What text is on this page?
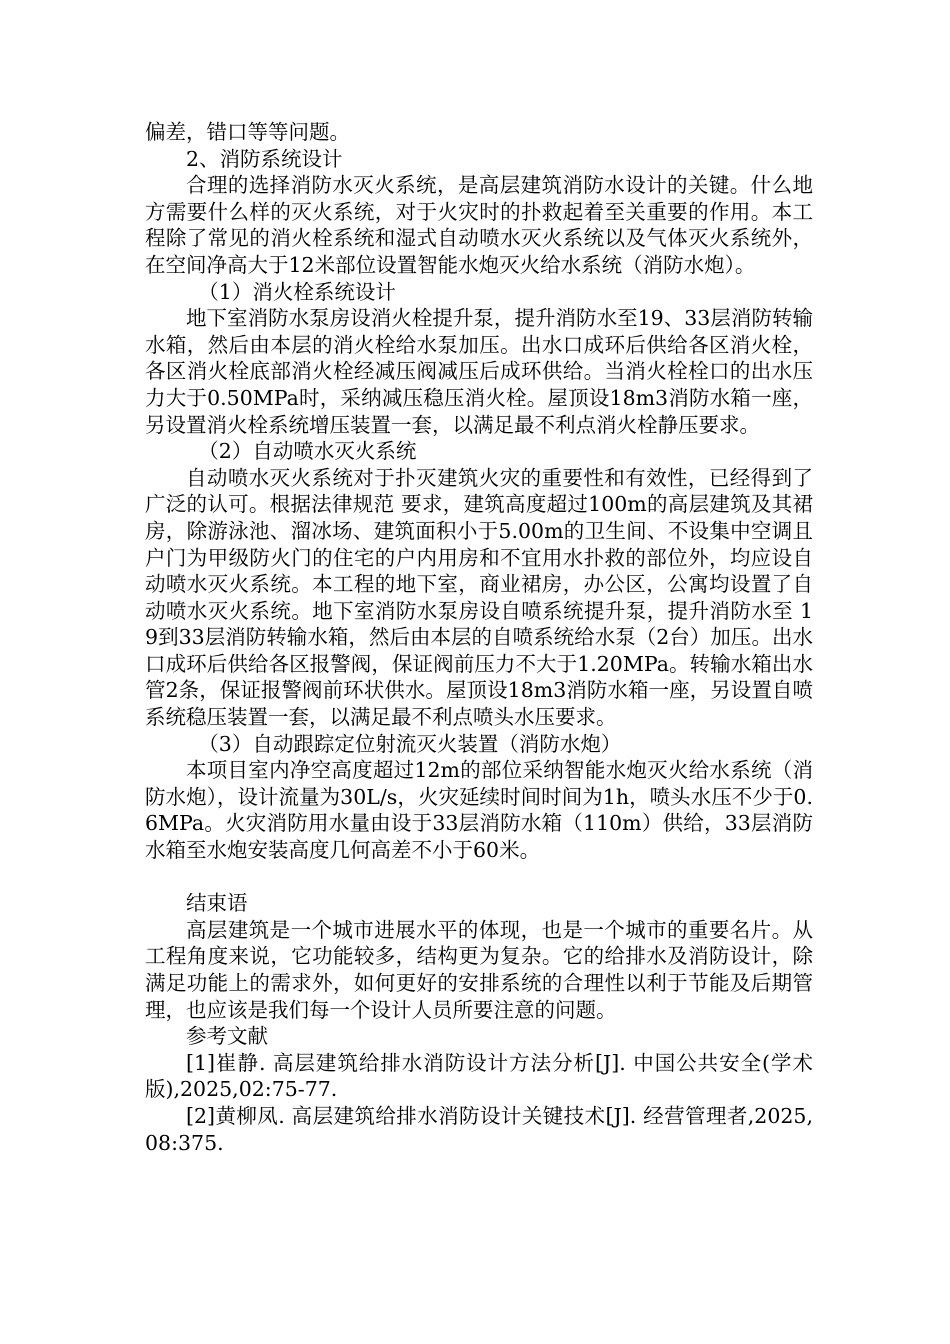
偏差，错口等等问题。

2、消防系统设计

合理的选择消防水灭火系统，是高层建筑消防水设计的关键。什么地方需要什么样的灭火系统，对于火灾时的扑救起着至关重要的作用。本工程除了常见的消火栓系统和湿式自动喷水灭火系统以及气体灭火系统外，在空间净高大于12米部位设置智能水炮灭火给水系统（消防水炮）。

（1）消火栓系统设计

地下室消防水泵房设消火栓提升泵，提升消防水至19、33层消防转输水箱，然后由本层的消火栓给水泵加压。出水口成环后供给各区消火栓，各区消火栓底部消火栓经减压阀减压后成环供给。当消火栓栓口的出水压力大于0.50MPa时，采纳减压稳压消火栓。屋顶设18m3消防水箱一座，另设置消火栓系统增压装置一套，以满足最不利点消火栓静压要求。

（2）自动喷水灭火系统

自动喷水灭火系统对于扑灭建筑火灾的重要性和有效性，已经得到了广泛的认可。根据法律规范 要求，建筑高度超过100m的高层建筑及其裙房，除游泳池、溜冰场、建筑面积小于5.00m的卫生间、不设集中空调且户门为甲级防火门的住宅的户内用房和不宜用水扑救的部位外，均应设自动喷水灭火系统。本工程的地下室，商业裙房，办公区，公寓均设置了自动喷水灭火系统。地下室消防水泵房设自喷系统提升泵，提升消防水至 19到33层消防转输水箱，然后由本层的自喷系统给水泵（2台）加压。出水口成环后供给各区报警阀，保证阀前压力不大于1.20MPa。转输水箱出水管2条，保证报警阀前环状供水。屋顶设18m3消防水箱一座，另设置自喷系统稳压装置一套，以满足最不利点喷头水压要求。

（3）自动跟踪定位射流灭火装置（消防水炮）

本项目室内净空高度超过12m的部位采纳智能水炮灭火给水系统（消防水炮），设计流量为30L/s，火灾延续时间时间为1h，喷头水压不少于0.6MPa。火灾消防用水量由设于33层消防水箱（110m）供给，33层消防水箱至水炮安装高度几何高差不小于60米。

结束语

高层建筑是一个城市进展水平的体现，也是一个城市的重要名片。从工程角度来说，它功能较多，结构更为复杂。它的给排水及消防设计，除满足功能上的需求外，如何更好的安排系统的合理性以利于节能及后期管理，也应该是我们每一个设计人员所要注意的问题。

参考文献

[1]崔静. 高层建筑给排水消防设计方法分析[J]. 中国公共安全(学术版),2025,02:75-77.

[2]黄柳凤. 高层建筑给排水消防设计关键技术[J]. 经营管理者,2025,08:375.
